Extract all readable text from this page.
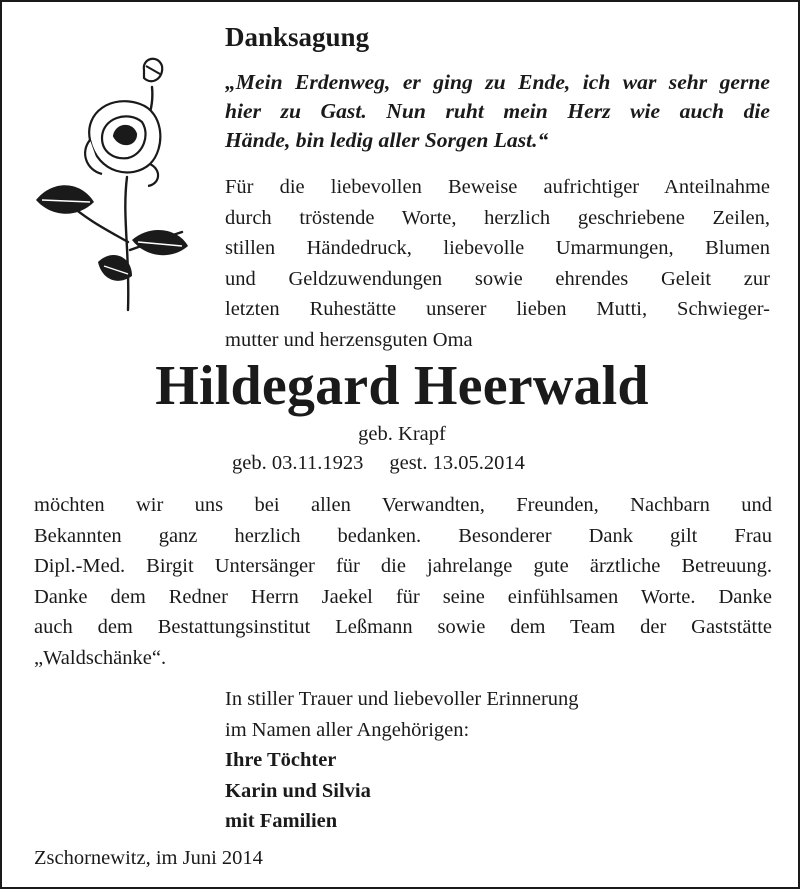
Danksagung
„Mein Erdenweg, er ging zu Ende, ich war sehr gerne
hier zu Gast. Nun ruht mein Herz wie auch die
Hände, bin ledig aller Sorgen Last.“
Für die liebevollen Beweise aufrichtiger Anteilnahme
durch tröstende Worte, herzlich geschriebene Zeilen,
stillen Händedruck, liebevolle Umarmungen, Blumen
und Geldzuwendungen sowie ehrendes Geleit zur
letzten Ruhestätte unserer lieben Mutti, Schwieger-
mutter und herzensguten Oma
Hildegard Heerwald
geb. Krapf
geb. 03.11.1923 gest. 13.05.2014
möchten wir uns bei allen Verwandten, Freunden, Nachbarn und
Bekannten ganz herzlich bedanken. Besonderer Dank gilt Frau
Dipl.-Med. Birgit Untersänger für die jahrelange gute ärztliche Betreuung.
Danke dem Redner Herrn Jaekel für seine einfühlsamen Worte. Danke
auch dem Bestattungsinstitut Leßmann sowie dem Team der Gaststätte
„Waldschänke“.
In stiller Trauer und liebevoller Erinnerung
im Namen aller Angehörigen:
Ihre Töchter
Karin und Silvia
mit Familien
Zschornewitz, im Juni 2014
